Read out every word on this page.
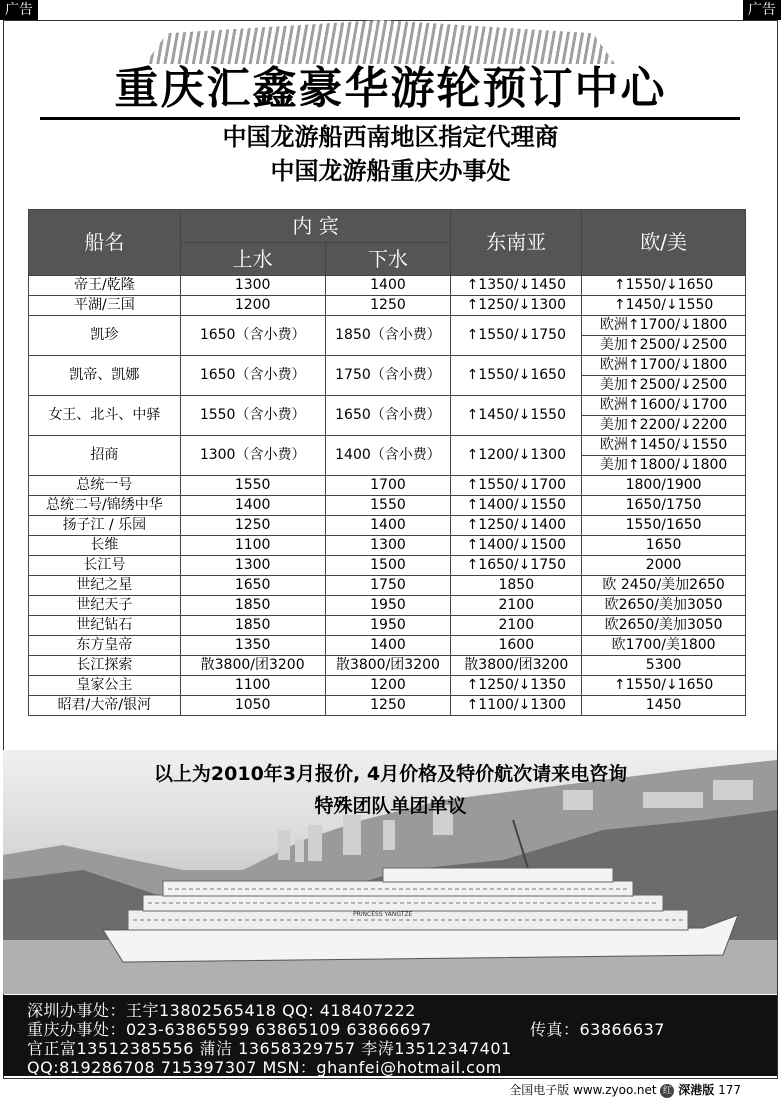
广告	广告
重庆汇鑫豪华游轮预订中心
中国龙游船西南地区指定代理商
中国龙游船重庆办事处
船名	内 宾		东南亚	欧/美
	上水	下水		
帝王/乾隆	1300	1400	↑1350/↓1450	↑1550/↓1650
平湖/三国	1200	1250	↑1250/↓1300	↑1450/↓1550
凯珍	1650（含小费）	1850（含小费）	↑1550/↓1750	欧洲↑1700/↓1800
				美加↑2500/↓2500
凯帝、凯娜	1650（含小费）	1750（含小费）	↑1550/↓1650	欧洲↑1700/↓1800
				美加↑2500/↓2500
女王、北斗、中驿	1550（含小费）	1650（含小费）	↑1450/↓1550	欧洲↑1600/↓1700
				美加↑2200/↓2200
招商	1300（含小费）	1400（含小费）	↑1200/↓1300	欧洲↑1450/↓1550
				美加↑1800/↓1800
总统一号	1550	1700	↑1550/↓1700	1800/1900
总统二号/锦绣中华	1400	1550	↑1400/↓1550	1650/1750
扬子江 / 乐园	1250	1400	↑1250/↓1400	1550/1650
长维	1100	1300	↑1400/↓1500	1650
长江号	1300	1500	↑1650/↓1750	2000
世纪之星	1650	1750	1850	欧 2450/美加2650
世纪天子	1850	1950	2100	欧2650/美加3050
世纪钻石	1850	1950	2100	欧2650/美加3050
东方皇帝	1350	1400	1600	欧1700/美1800
长江探索	散3800/团3200	散3800/团3200	散3800/团3200	5300
皇家公主	1100	1200	↑1250/↓1350	↑1550/↓1650
昭君/大帝/银河	1050	1250	↑1100/↓1300	1450
PRINCESS YANGTZE
以上为2010年3月报价, 4月价格及特价航次请来电咨询
特殊团队单团单议
深圳办事处：王宇13802565418 QQ: 418407222
重庆办事处：023-63865599 63865109 63866697	传真：63866637
官正富13512385556 蒲洁 13658329757 李涛13512347401
QQ:819286708 715397307 MSN：ghanfei@hotmail.com
全国电子版 www.zyoo.net 红 深港版 177
